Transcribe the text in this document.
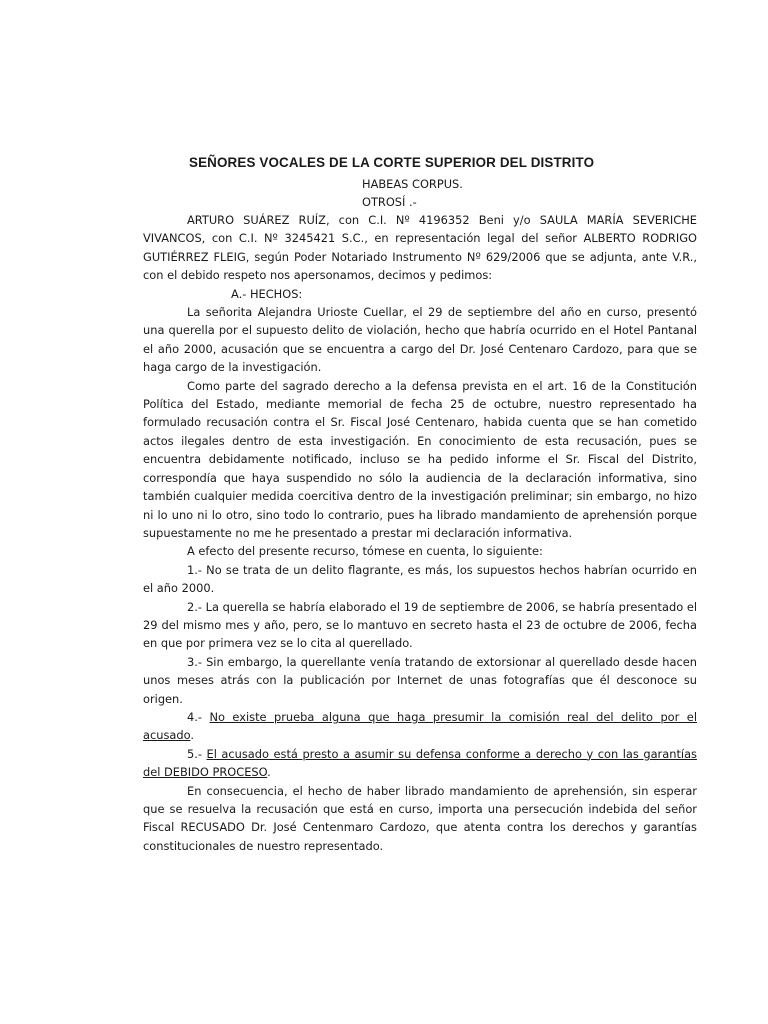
SEÑORES VOCALES DE LA CORTE SUPERIOR DEL DISTRITO
HABEAS CORPUS.
OTROSÍ .-

ARTURO SUÁREZ RUÍZ, con C.I. Nº 4196352 Beni y/o SAULA MARÍA SEVERICHE VIVANCOS, con C.I. Nº 3245421 S.C., en representación legal del señor ALBERTO RODRIGO GUTIÉRREZ FLEIG, según Poder Notariado Instrumento Nº 629/2006 que se adjunta, ante V.R., con el debido respeto nos apersonamos, decimos y pedimos:

A.- HECHOS:

La señorita Alejandra Urioste Cuellar, el 29 de septiembre del año en curso, presentó una querella por el supuesto delito de violación, hecho que habría ocurrido en el Hotel Pantanal el año 2000, acusación que se encuentra a cargo del Dr. José Centenaro Cardozo, para que se haga cargo de la investigación.

Como parte del sagrado derecho a la defensa prevista en el art. 16 de la Constitución Política del Estado, mediante memorial de fecha 25 de octubre, nuestro representado ha formulado recusación contra el Sr. Fiscal José Centenaro, habida cuenta que se han cometido actos ilegales dentro de esta investigación. En conocimiento de esta recusación, pues se encuentra debidamente notificado, incluso se ha pedido informe el Sr. Fiscal del Distrito, correspondía que haya suspendido no sólo la audiencia de la declaración informativa, sino también cualquier medida coercitiva dentro de la investigación preliminar; sin embargo, no hizo ni lo uno ni lo otro, sino todo lo contrario, pues ha librado mandamiento de aprehensión porque supuestamente no me he presentado a prestar mi declaración informativa.

A efecto del presente recurso, tómese en cuenta, lo siguiente:

1.- No se trata de un delito flagrante, es más, los supuestos hechos habrían ocurrido en el año 2000.

2.- La querella se habría elaborado el 19 de septiembre de 2006, se habría presentado el 29 del mismo mes y año, pero, se lo mantuvo en secreto hasta el 23 de octubre de 2006, fecha en que por primera vez se lo cita al querellado.

3.- Sin embargo, la querellante venía tratando de extorsionar al querellado desde hacen unos meses atrás con la publicación por Internet de unas fotografías que él desconoce su origen.

4.- No existe prueba alguna que haga presumir la comisión real del delito por el acusado.

5.- El acusado está presto a asumir su defensa conforme a derecho y con las garantías del DEBIDO PROCESO.

En consecuencia, el hecho de haber librado mandamiento de aprehensión, sin esperar que se resuelva la recusación que está en curso, importa una persecución indebida del señor Fiscal RECUSADO Dr. José Centenmaro Cardozo, que atenta contra los derechos y garantías constitucionales de nuestro representado.
